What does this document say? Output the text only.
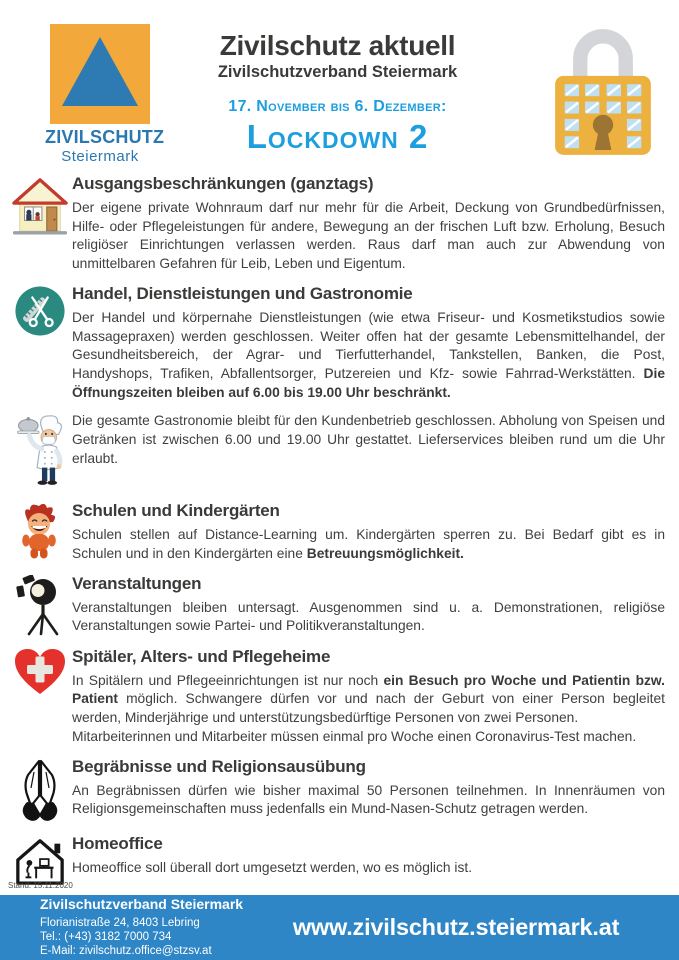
ZIVILSCHUTZ
Steiermark
Zivilschutz aktuell
Zivilschutzverband Steiermark
17. November bis 6. Dezember:
Lockdown 2
Ausgangsbeschränkungen (ganztags)

Der eigene private Wohnraum darf nur mehr für die Arbeit, Deckung von Grundbedürfnissen, Hilfe- oder Pflegeleistungen für andere, Bewegung an der frischen Luft bzw. Erholung, Besuch religiöser Einrichtungen verlassen werden. Raus darf man auch zur Abwendung von unmittelbaren Gefahren für Leib, Leben und Eigentum.

Handel, Dienstleistungen und Gastronomie

Der Handel und körpernahe Dienstleistungen (wie etwa Friseur- und Kosmetikstudios sowie Massagepraxen) werden geschlossen. Weiter offen hat der gesamte Lebensmittelhandel, der Gesundheitsbereich, der Agrar- und Tierfutterhandel, Tankstellen, Banken, die Post, Handyshops, Trafiken, Abfallentsorger, Putzereien und Kfz- sowie Fahrrad-Werkstätten. Die Öffnungszeiten bleiben auf 6.00 bis 19.00 Uhr beschränkt.

Die gesamte Gastronomie bleibt für den Kundenbetrieb geschlossen. Abholung von Speisen und Getränken ist zwischen 6.00 und 19.00 Uhr gestattet. Lieferservices bleiben rund um die Uhr erlaubt.

Schulen und Kindergärten

Schulen stellen auf Distance-Learning um. Kindergärten sperren zu. Bei Bedarf gibt es in Schulen und in den Kindergärten eine Betreuungsmöglichkeit.

Veranstaltungen

Veranstaltungen bleiben untersagt. Ausgenommen sind u. a. Demonstrationen, religiöse Veranstaltungen sowie Partei- und Politikveranstaltungen.

Spitäler, Alters- und Pflegeheime

In Spitälern und Pflegeeinrichtungen ist nur noch ein Besuch pro Woche und Patientin bzw. Patient möglich. Schwangere dürfen vor und nach der Geburt von einer Person begleitet werden, Minderjährige und unterstützungsbedürftige Personen von zwei Personen.

Mitarbeiterinnen und Mitarbeiter müssen einmal pro Woche einen Coronavirus-Test machen.

Begräbnisse und Religionsausübung

An Begräbnissen dürfen wie bisher maximal 50 Personen teilnehmen. In Innenräumen von Religionsgemeinschaften muss jedenfalls ein Mund-Nasen-Schutz getragen werden.

Homeoffice

Homeoffice soll überall dort umgesetzt werden, wo es möglich ist.

Stand: 15.11.2020
Zivilschutzverband Steiermark
Florianistraße 24, 8403 Lebring
Tel.: (+43) 3182 7000 734
E-Mail: zivilschutz.office@stzsv.at
www.zivilschutz.steiermark.at
